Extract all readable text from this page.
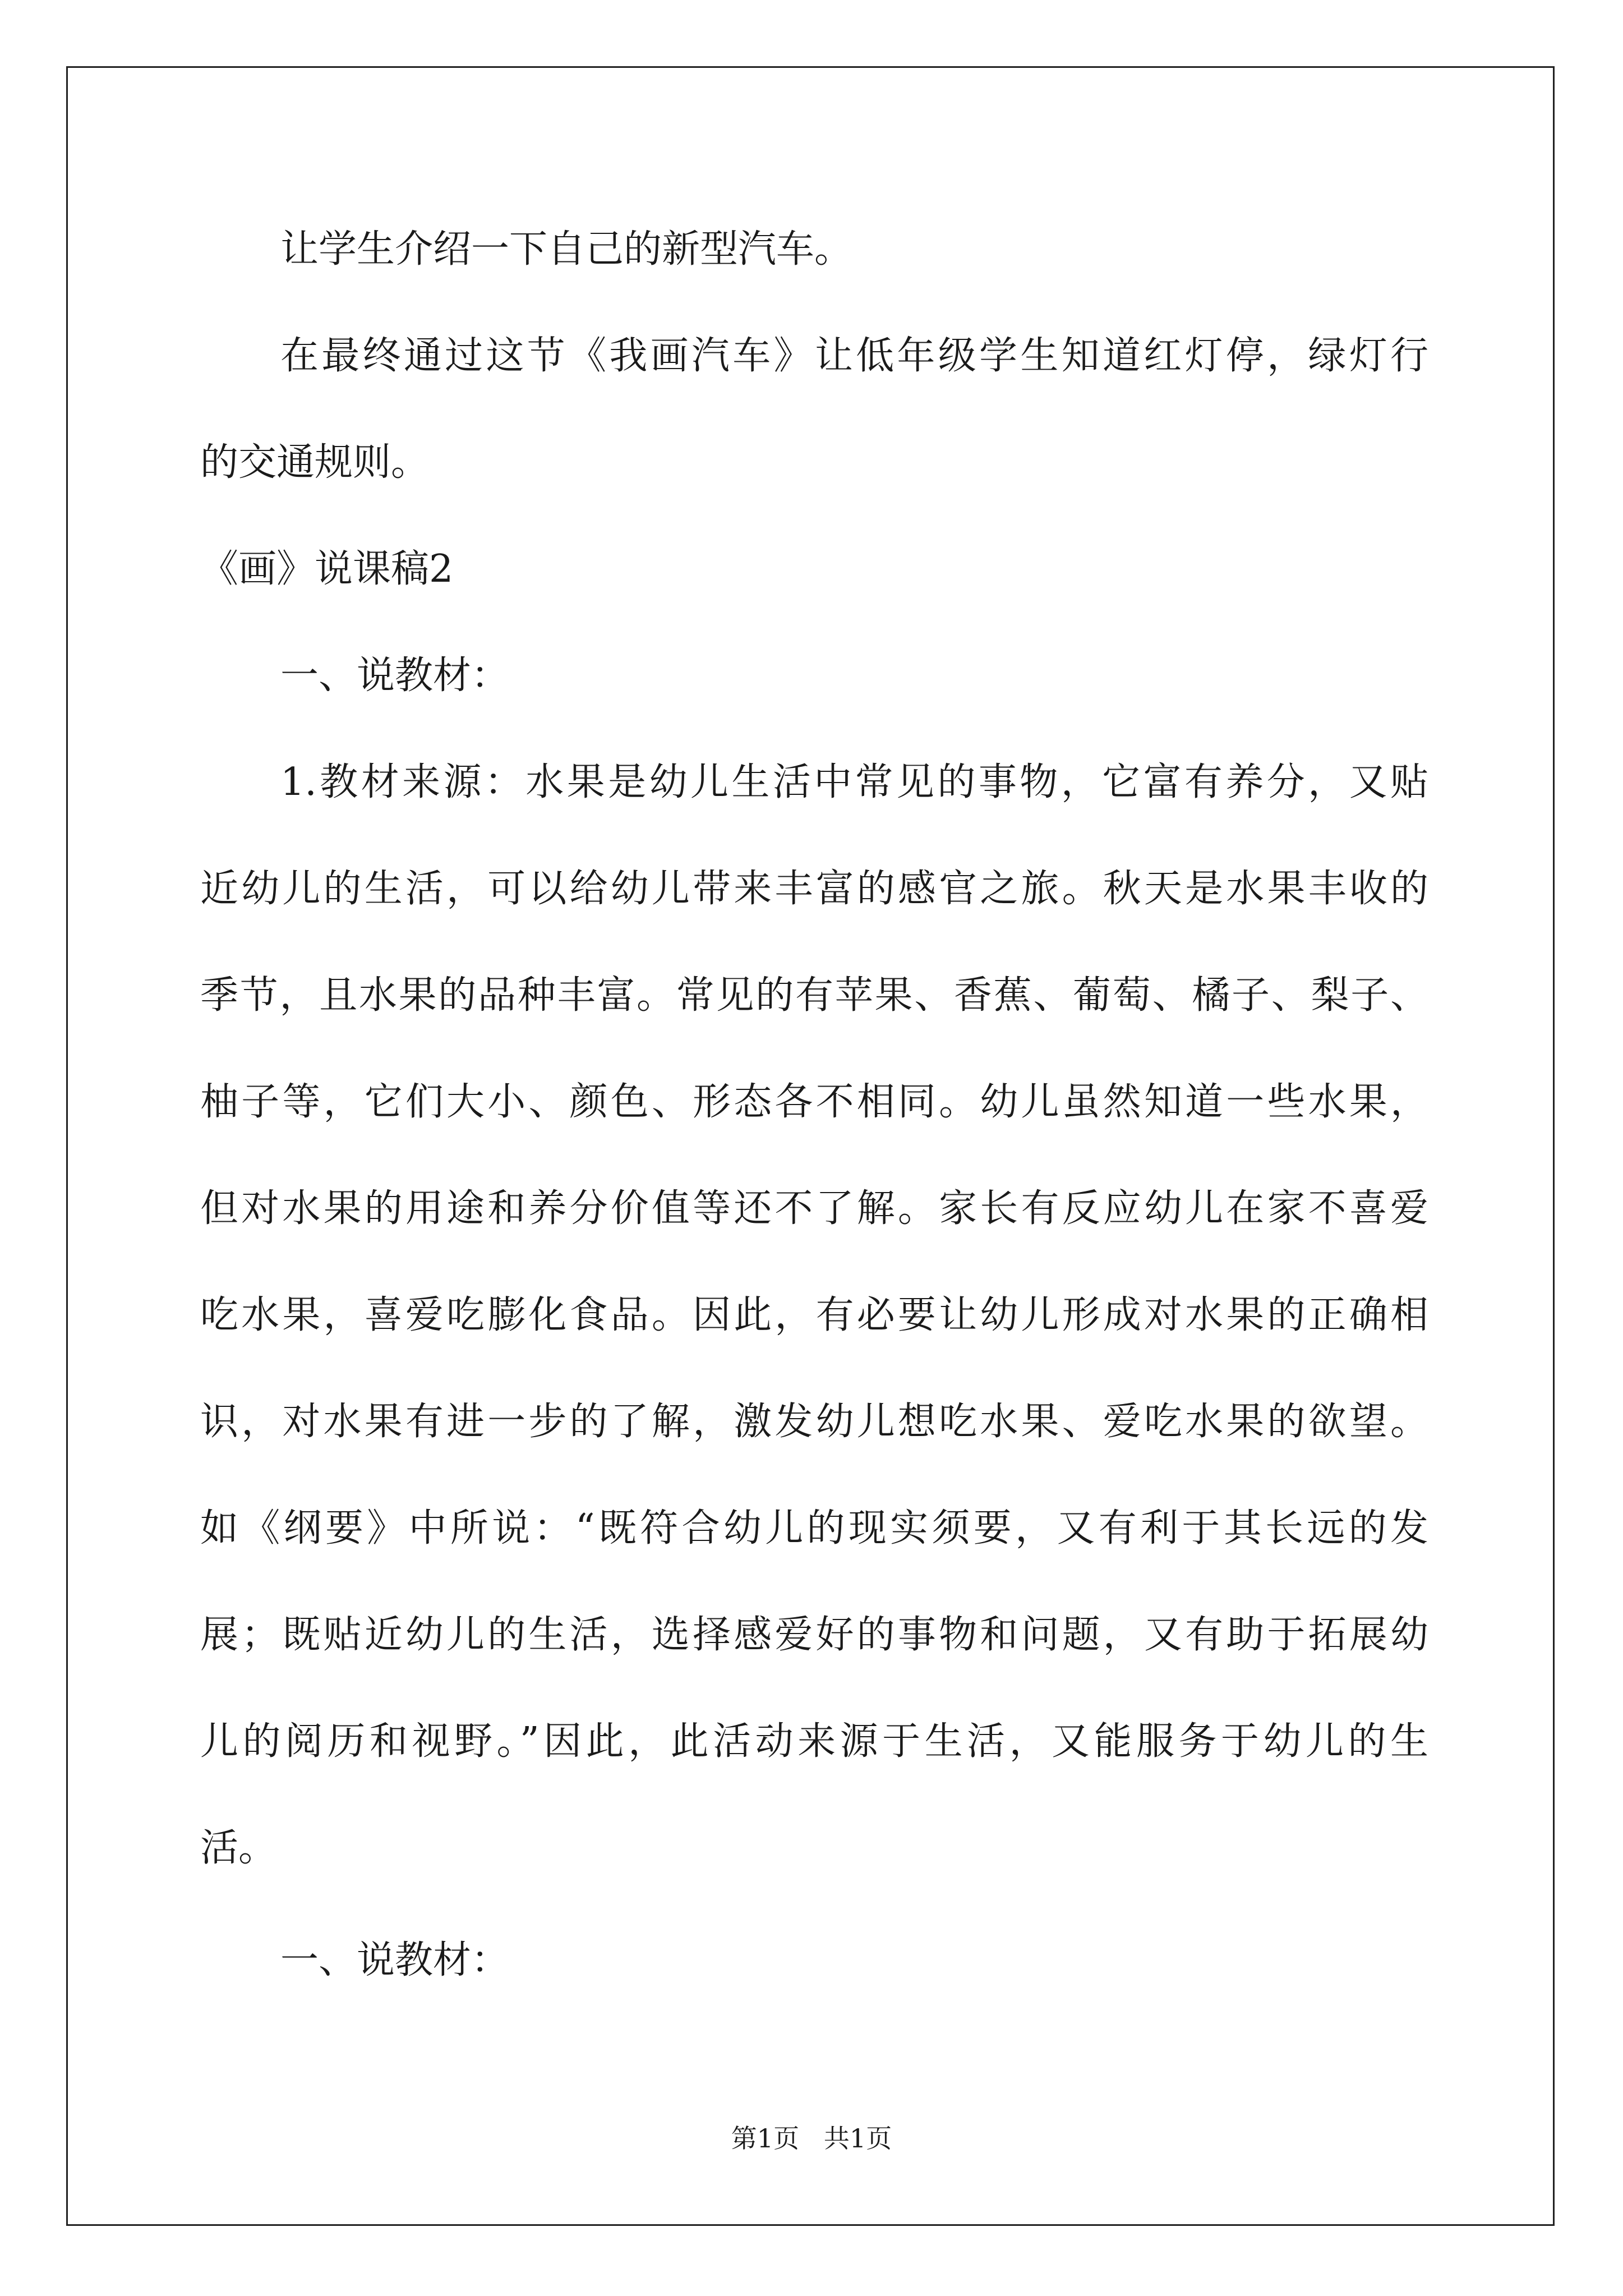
让学生介绍一下自己的新型汽车。
在最终通过这节《我画汽车》让低年级学生知道红灯停，绿灯行
的交通规则。
《画》说课稿2
一、说教材：
1.教材来源：水果是幼儿生活中常见的事物，它富有养分，又贴
近幼儿的生活，可以给幼儿带来丰富的感官之旅。秋天是水果丰收的
季节，且水果的品种丰富。常见的有苹果、香蕉、葡萄、橘子、梨子、
柚子等，它们大小、颜色、形态各不相同。幼儿虽然知道一些水果，
但对水果的用途和养分价值等还不了解。家长有反应幼儿在家不喜爱
吃水果，喜爱吃膨化食品。因此，有必要让幼儿形成对水果的正确相
识，对水果有进一步的了解，激发幼儿想吃水果、爱吃水果的欲望。
如《纲要》中所说：“既符合幼儿的现实须要，又有利于其长远的发
展；既贴近幼儿的生活，选择感爱好的事物和问题，又有助于拓展幼
儿的阅历和视野。”因此，此活动来源于生活，又能服务于幼儿的生
活。
一、说教材：
第1页   共1页
